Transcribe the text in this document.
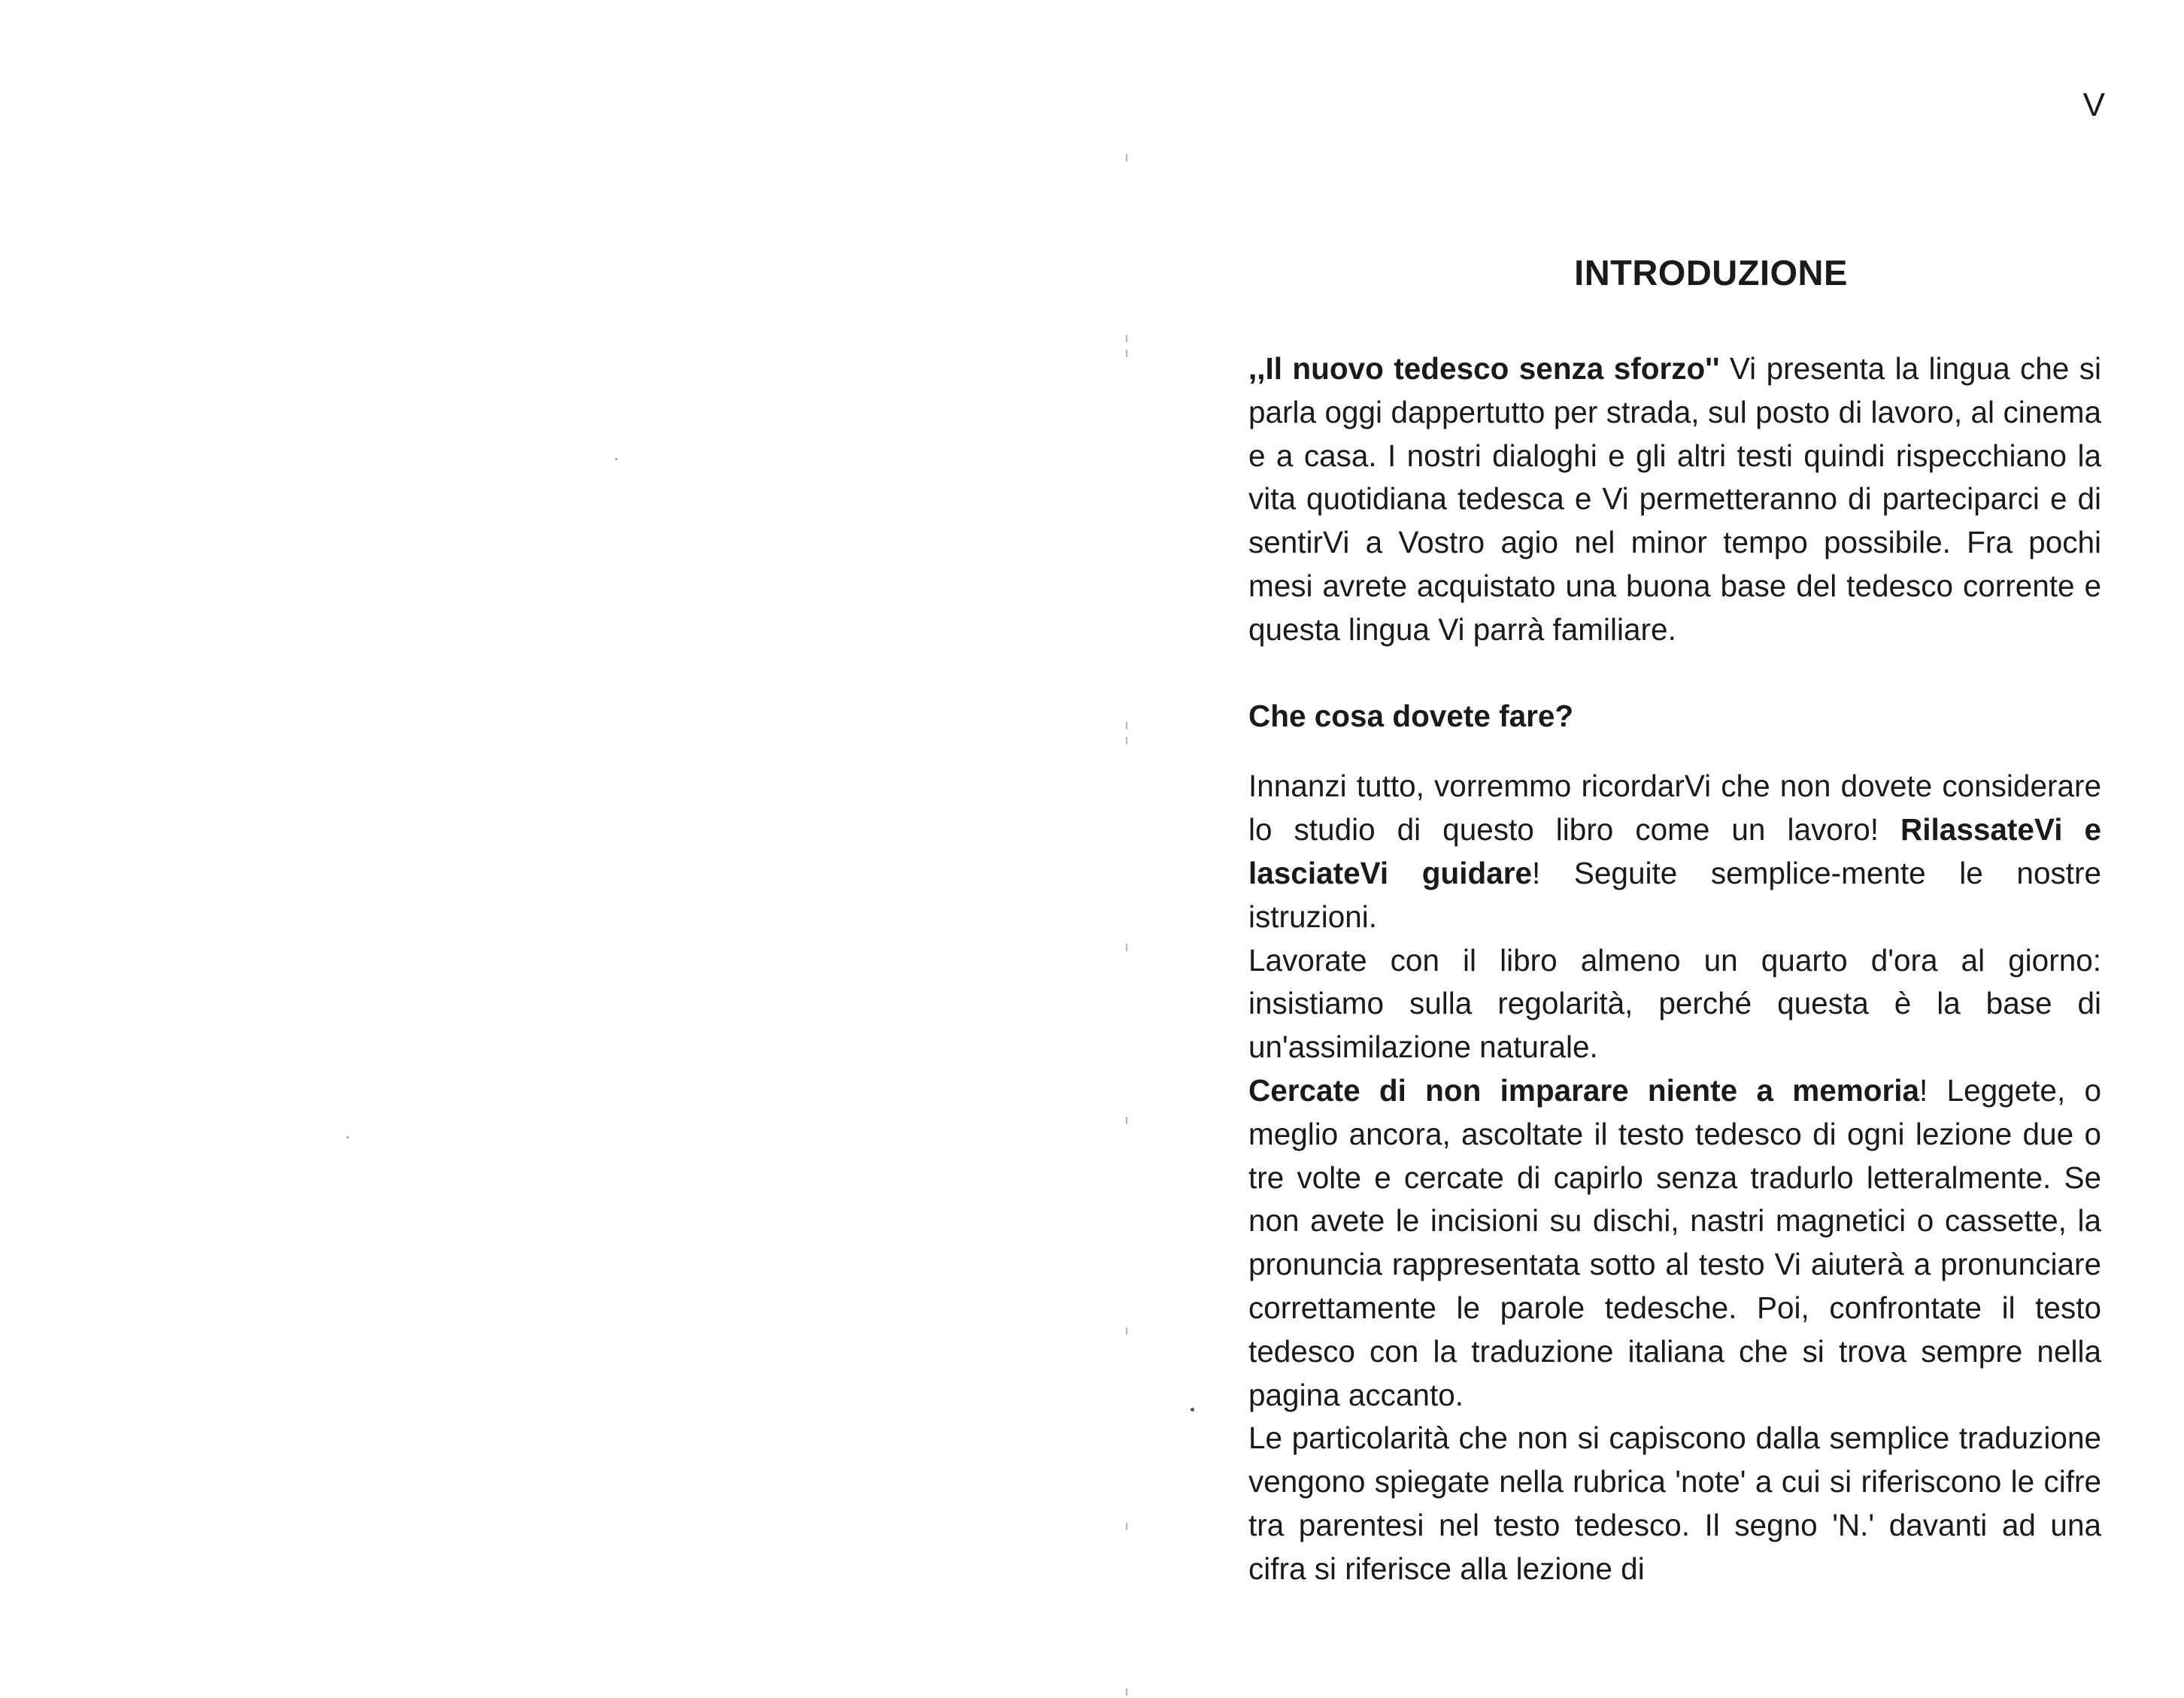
V
INTRODUZIONE

,,Il nuovo tedesco senza sforzo'' Vi presenta la lingua che si parla oggi dappertutto per strada, sul posto di lavoro, al cinema e a casa. I nostri dialoghi e gli altri testi quindi rispecchiano la vita quotidiana tedesca e Vi permetteranno di parteciparci e di sentirVi a Vostro agio nel minor tempo possibile. Fra pochi mesi avrete acquistato una buona base del tedesco corrente e questa lingua Vi parrà familiare.

Che cosa dovete fare?

Innanzi tutto, vorremmo ricordarVi che non dovete considerare lo studio di questo libro come un lavoro! RilassateVi e lasciateVi guidare! Seguite semplice-mente le nostre istruzioni.

Lavorate con il libro almeno un quarto d'ora al giorno: insistiamo sulla regolarità, perché questa è la base di un'assimilazione naturale.

Cercate di non imparare niente a memoria! Leggete, o meglio ancora, ascoltate il testo tedesco di ogni lezione due o tre volte e cercate di capirlo senza tradurlo letteralmente. Se non avete le incisioni su dischi, nastri magnetici o cassette, la pronuncia rappresentata sotto al testo Vi aiuterà a pronunciare correttamente le parole tedesche. Poi, confrontate il testo tedesco con la traduzione italiana che si trova sempre nella pagina accanto.

Le particolarità che non si capiscono dalla semplice traduzione vengono spiegate nella rubrica 'note' a cui si riferiscono le cifre tra parentesi nel testo tedesco. Il segno 'N.' davanti ad una cifra si riferisce alla lezione di
